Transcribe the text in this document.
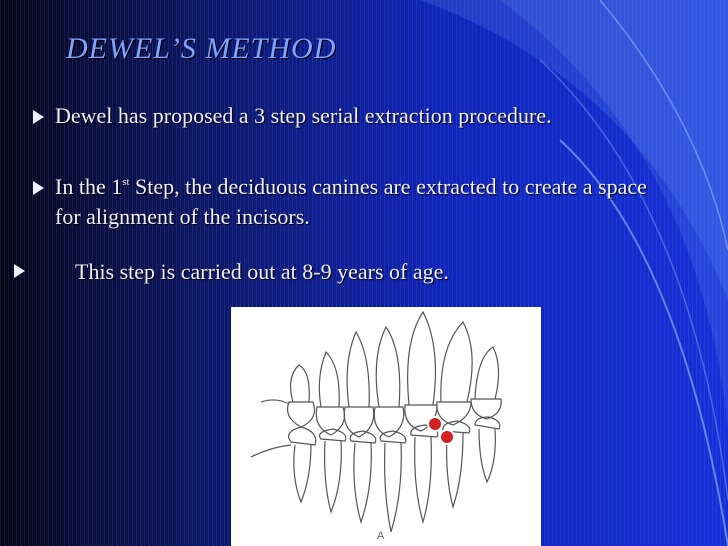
DEWEL’S METHOD
Dewel has proposed a 3 step serial extraction procedure.
In the 1st Step, the deciduous canines are extracted to create a space for alignment of the incisors.
This step is carried out at 8-9 years of age.
A
